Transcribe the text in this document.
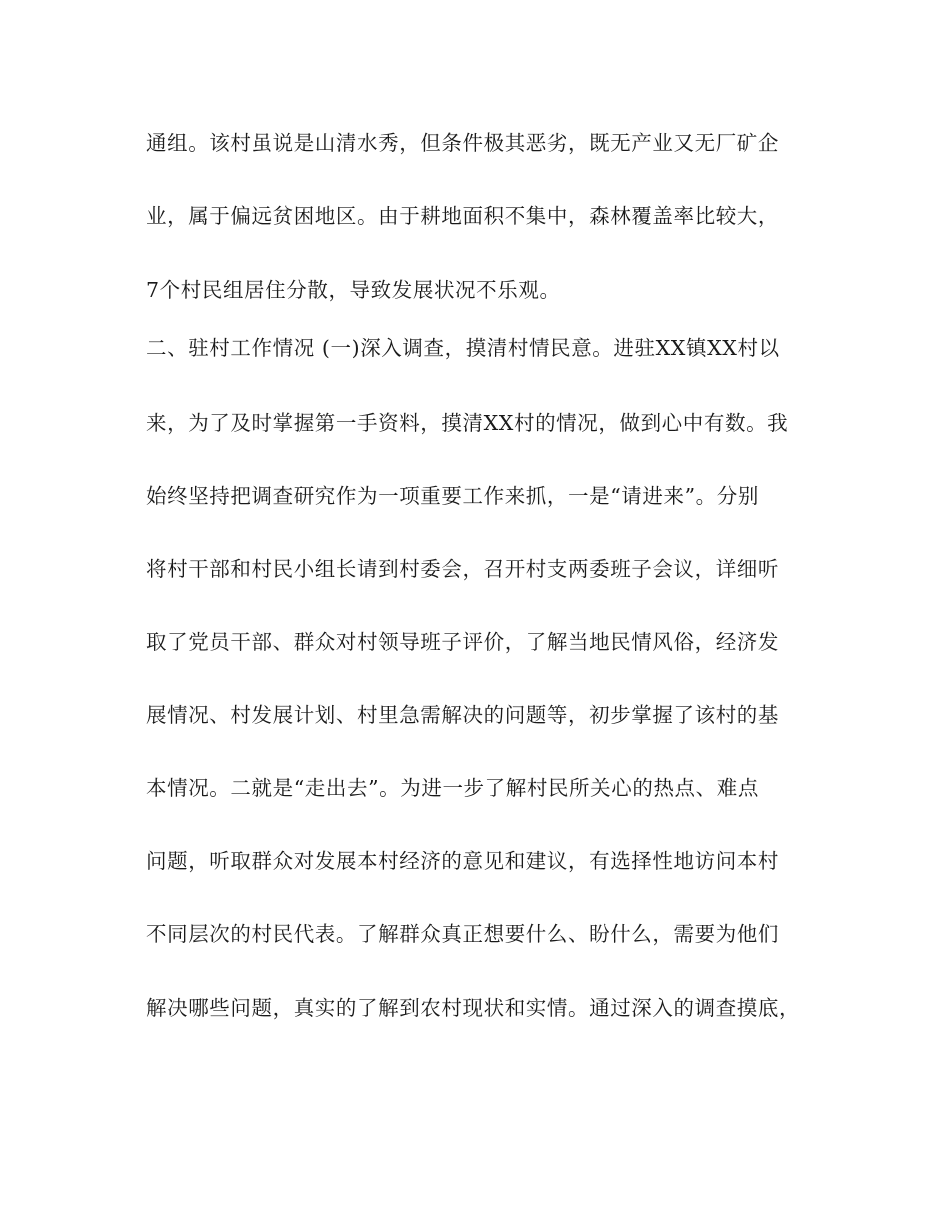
通组。该村虽说是山清水秀，但条件极其恶劣，既无产业又无厂矿企
业，属于偏远贫困地区。由于耕地面积不集中，森林覆盖率比较大，
7个村民组居住分散，导致发展状况不乐观。
二、驻村工作情况 (一)深入调查，摸清村情民意。进驻XX镇XX村以
来，为了及时掌握第一手资料，摸清XX村的情况，做到心中有数。我
始终坚持把调查研究作为一项重要工作来抓，一是“请进来”。分别
将村干部和村民小组长请到村委会，召开村支两委班子会议，详细听
取了党员干部、群众对村领导班子评价，了解当地民情风俗，经济发
展情况、村发展计划、村里急需解决的问题等，初步掌握了该村的基
本情况。二就是“走出去”。为进一步了解村民所关心的热点、难点
问题，听取群众对发展本村经济的意见和建议，有选择性地访问本村
不同层次的村民代表。了解群众真正想要什么、盼什么，需要为他们
解决哪些问题，真实的了解到农村现状和实情。通过深入的调查摸底，
